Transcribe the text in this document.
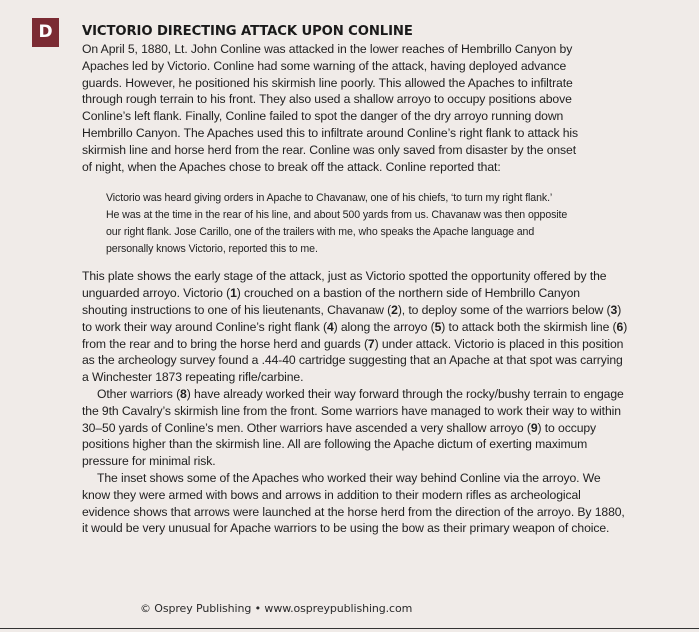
D	VICTORIO DIRECTING ATTACK UPON CONLINE

On April 5, 1880, Lt. John Conline was attacked in the lower reaches of Hembrillo Canyon by
Apaches led by Victorio. Conline had some warning of the attack, having deployed advance
guards. However, he positioned his skirmish line poorly. This allowed the Apaches to infiltrate
through rough terrain to his front. They also used a shallow arroyo to occupy positions above
Conline’s left flank. Finally, Conline failed to spot the danger of the dry arroyo running down
Hembrillo Canyon. The Apaches used this to infiltrate around Conline’s right flank to attack his
skirmish line and horse herd from the rear. Conline was only saved from disaster by the onset
of night, when the Apaches chose to break off the attack. Conline reported that:

Victorio was heard giving orders in Apache to Chavanaw, one of his chiefs, ‘to turn my right flank.’
He was at the time in the rear of his line, and about 500 yards from us. Chavanaw was then opposite
our right flank. Jose Carillo, one of the trailers with me, who speaks the Apache language and
personally knows Victorio, reported this to me.

This plate shows the early stage of the attack, just as Victorio spotted the opportunity offered by the unguarded arroyo. Victorio (1) crouched on a bastion of the northern side of Hembrillo Canyon shouting instructions to one of his lieutenants, Chavanaw (2), to deploy some of the warriors below (3) to work their way around Conline’s right flank (4) along the arroyo (5) to attack both the skirmish line (6) from the rear and to bring the horse herd and guards (7) under attack. Victorio is placed in this position as the archeology survey found a .44-40 cartridge suggesting that an Apache at that spot was carrying a Winchester 1873 repeating rifle/carbine.

Other warriors (8) have already worked their way forward through the rocky/bushy terrain to engage the 9th Cavalry’s skirmish line from the front. Some warriors have managed to work their way to within 30–50 yards of Conline’s men. Other warriors have ascended a very shallow arroyo (9) to occupy positions higher than the skirmish line. All are following the Apache dictum of exerting maximum pressure for minimal risk.

The inset shows some of the Apaches who worked their way behind Conline via the arroyo. We know they were armed with bows and arrows in addition to their modern rifles as archeological evidence shows that arrows were launched at the horse herd from the direction of the arroyo. By 1880, it would be very unusual for Apache warriors to be using the bow as their primary weapon of choice.

© Osprey Publishing • www.ospreypublishing.com
